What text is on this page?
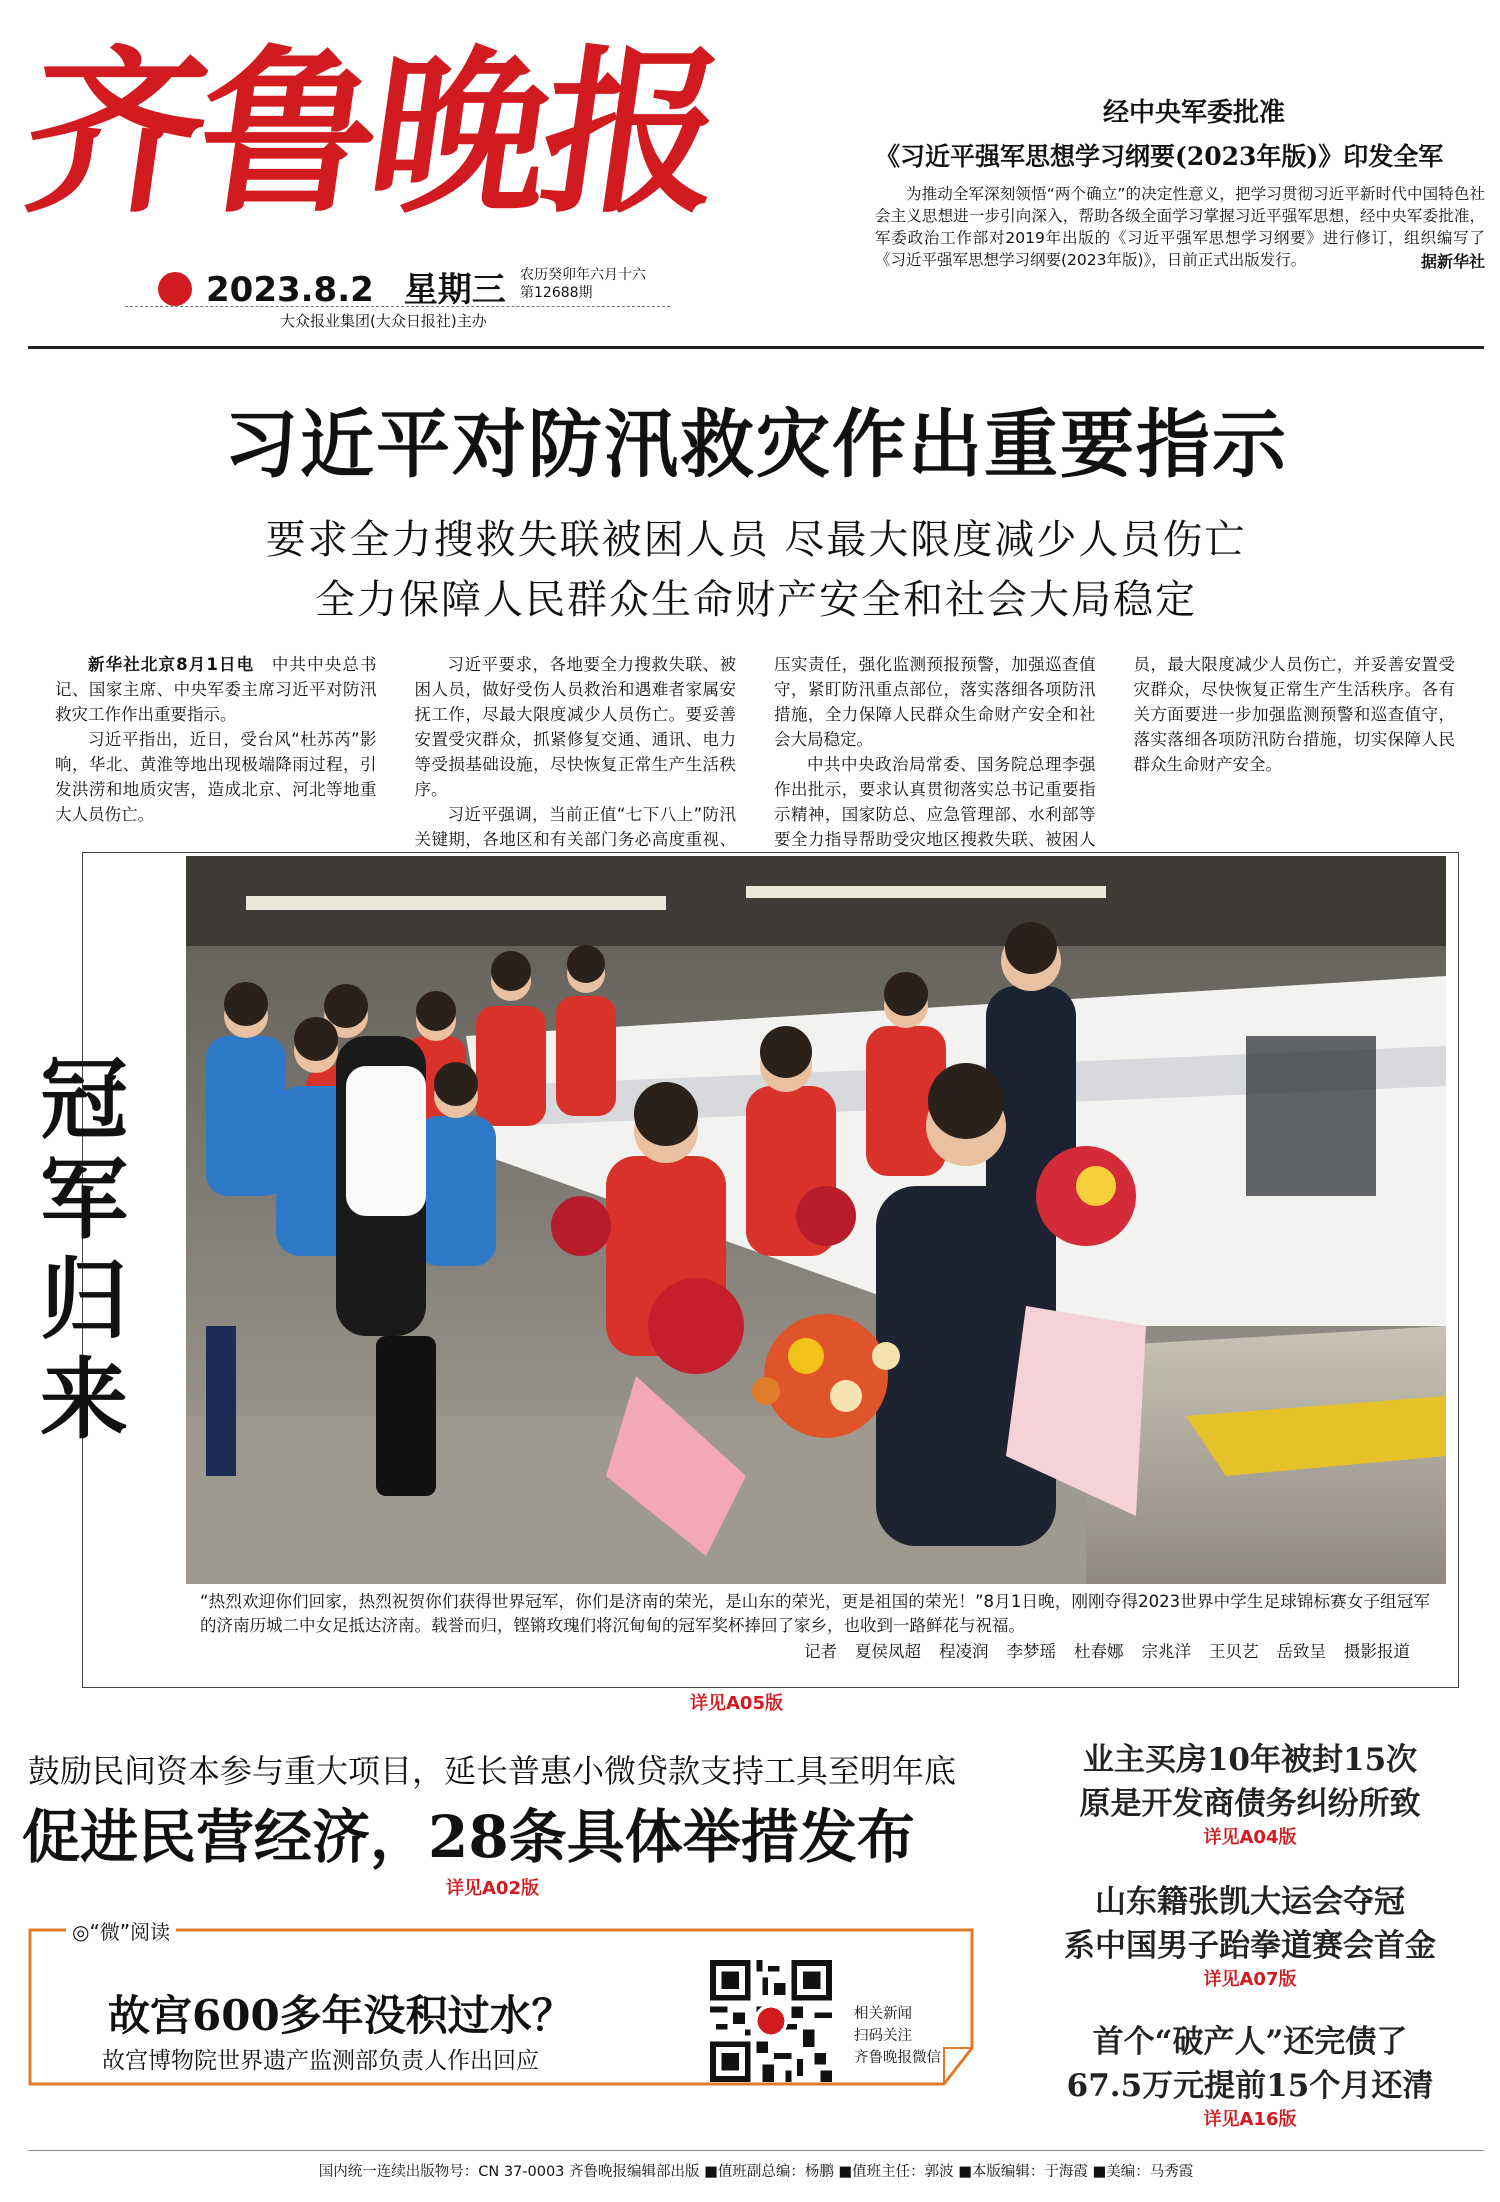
齐鲁晚报
2023.8.2 星期三 农历癸卯年六月十六
第12688期
大众报业集团(大众日报社)主办
经中央军委批准
《习近平强军思想学习纲要(2023年版)》印发全军
为推动全军深刻领悟“两个确立”的决定性意义，把学习贯彻习近平新时代中国特色社会主义思想进一步引向深入，帮助各级全面学习掌握习近平强军思想，经中央军委批准，军委政治工作部对2019年出版的《习近平强军思想学习纲要》进行修订，组织编写了《习近平强军思想学习纲要(2023年版)》，日前正式出版发行。	据新华社
习近平对防汛救灾作出重要指示
要求全力搜救失联被困人员 尽最大限度减少人员伤亡
全力保障人民群众生命财产安全和社会大局稳定

新华社北京8月1日电  中共中央总书记、国家主席、中央军委主席习近平对防汛救灾工作作出重要指示。

习近平指出，近日，受台风“杜苏芮”影响，华北、黄淮等地出现极端降雨过程，引发洪涝和地质灾害，造成北京、河北等地重大人员伤亡。

习近平要求，各地要全力搜救失联、被困人员，做好受伤人员救治和遇难者家属安抚工作，尽最大限度减少人员伤亡。要妥善安置受灾群众，抓紧修复交通、通讯、电力等受损基础设施，尽快恢复正常生产生活秩序。

习近平强调，当前正值“七下八上”防汛关键期，各地区和有关部门务必高度重视、压实责任，强化监测预报预警，加强巡查值守，紧盯防汛重点部位，落实落细各项防汛措施，全力保障人民群众生命财产安全和社会大局稳定。

中共中央政治局常委、国务院总理李强作出批示，要求认真贯彻落实总书记重要指示精神，国家防总、应急管理部、水利部等要全力指导帮助受灾地区搜救失联、被困人员，最大限度减少人员伤亡，并妥善安置受灾群众，尽快恢复正常生产生活秩序。各有关方面要进一步加强监测预警和巡查值守，落实落细各项防汛防台措施，切实保障人民群众生命财产安全。

冠军归来
“热烈欢迎你们回家，热烈祝贺你们获得世界冠军，你们是济南的荣光，是山东的荣光，更是祖国的荣光！”8月1日晚，刚刚夺得2023世界中学生足球锦标赛女子组冠军的济南历城二中女足抵达济南。载誉而归，铿锵玫瑰们将沉甸甸的冠军奖杯捧回了家乡，也收到一路鲜花与祝福。
记者 夏侯凤超 程凌润 李梦瑶 杜春娜 宗兆洋 王贝艺 岳致呈 摄影报道
详见A05版
鼓励民间资本参与重大项目，延长普惠小微贷款支持工具至明年底
促进民营经济，28条具体举措发布
详见A02版
◎“微”阅读
故宫600多年没积过水？
故宫博物院世界遗产监测部负责人作出回应
相关新闻
扫码关注
齐鲁晚报微信
业主买房10年被封15次
原是开发商债务纠纷所致
详见A04版
山东籍张凯大运会夺冠
系中国男子跆拳道赛会首金
详见A07版
首个“破产人”还完债了
67.5万元提前15个月还清
详见A16版
国内统一连续出版物号：CN 37-0003 齐鲁晚报编辑部出版 ■值班副总编：杨鹏 ■值班主任：郭波 ■本版编辑：于海霞 ■美编：马秀霞
